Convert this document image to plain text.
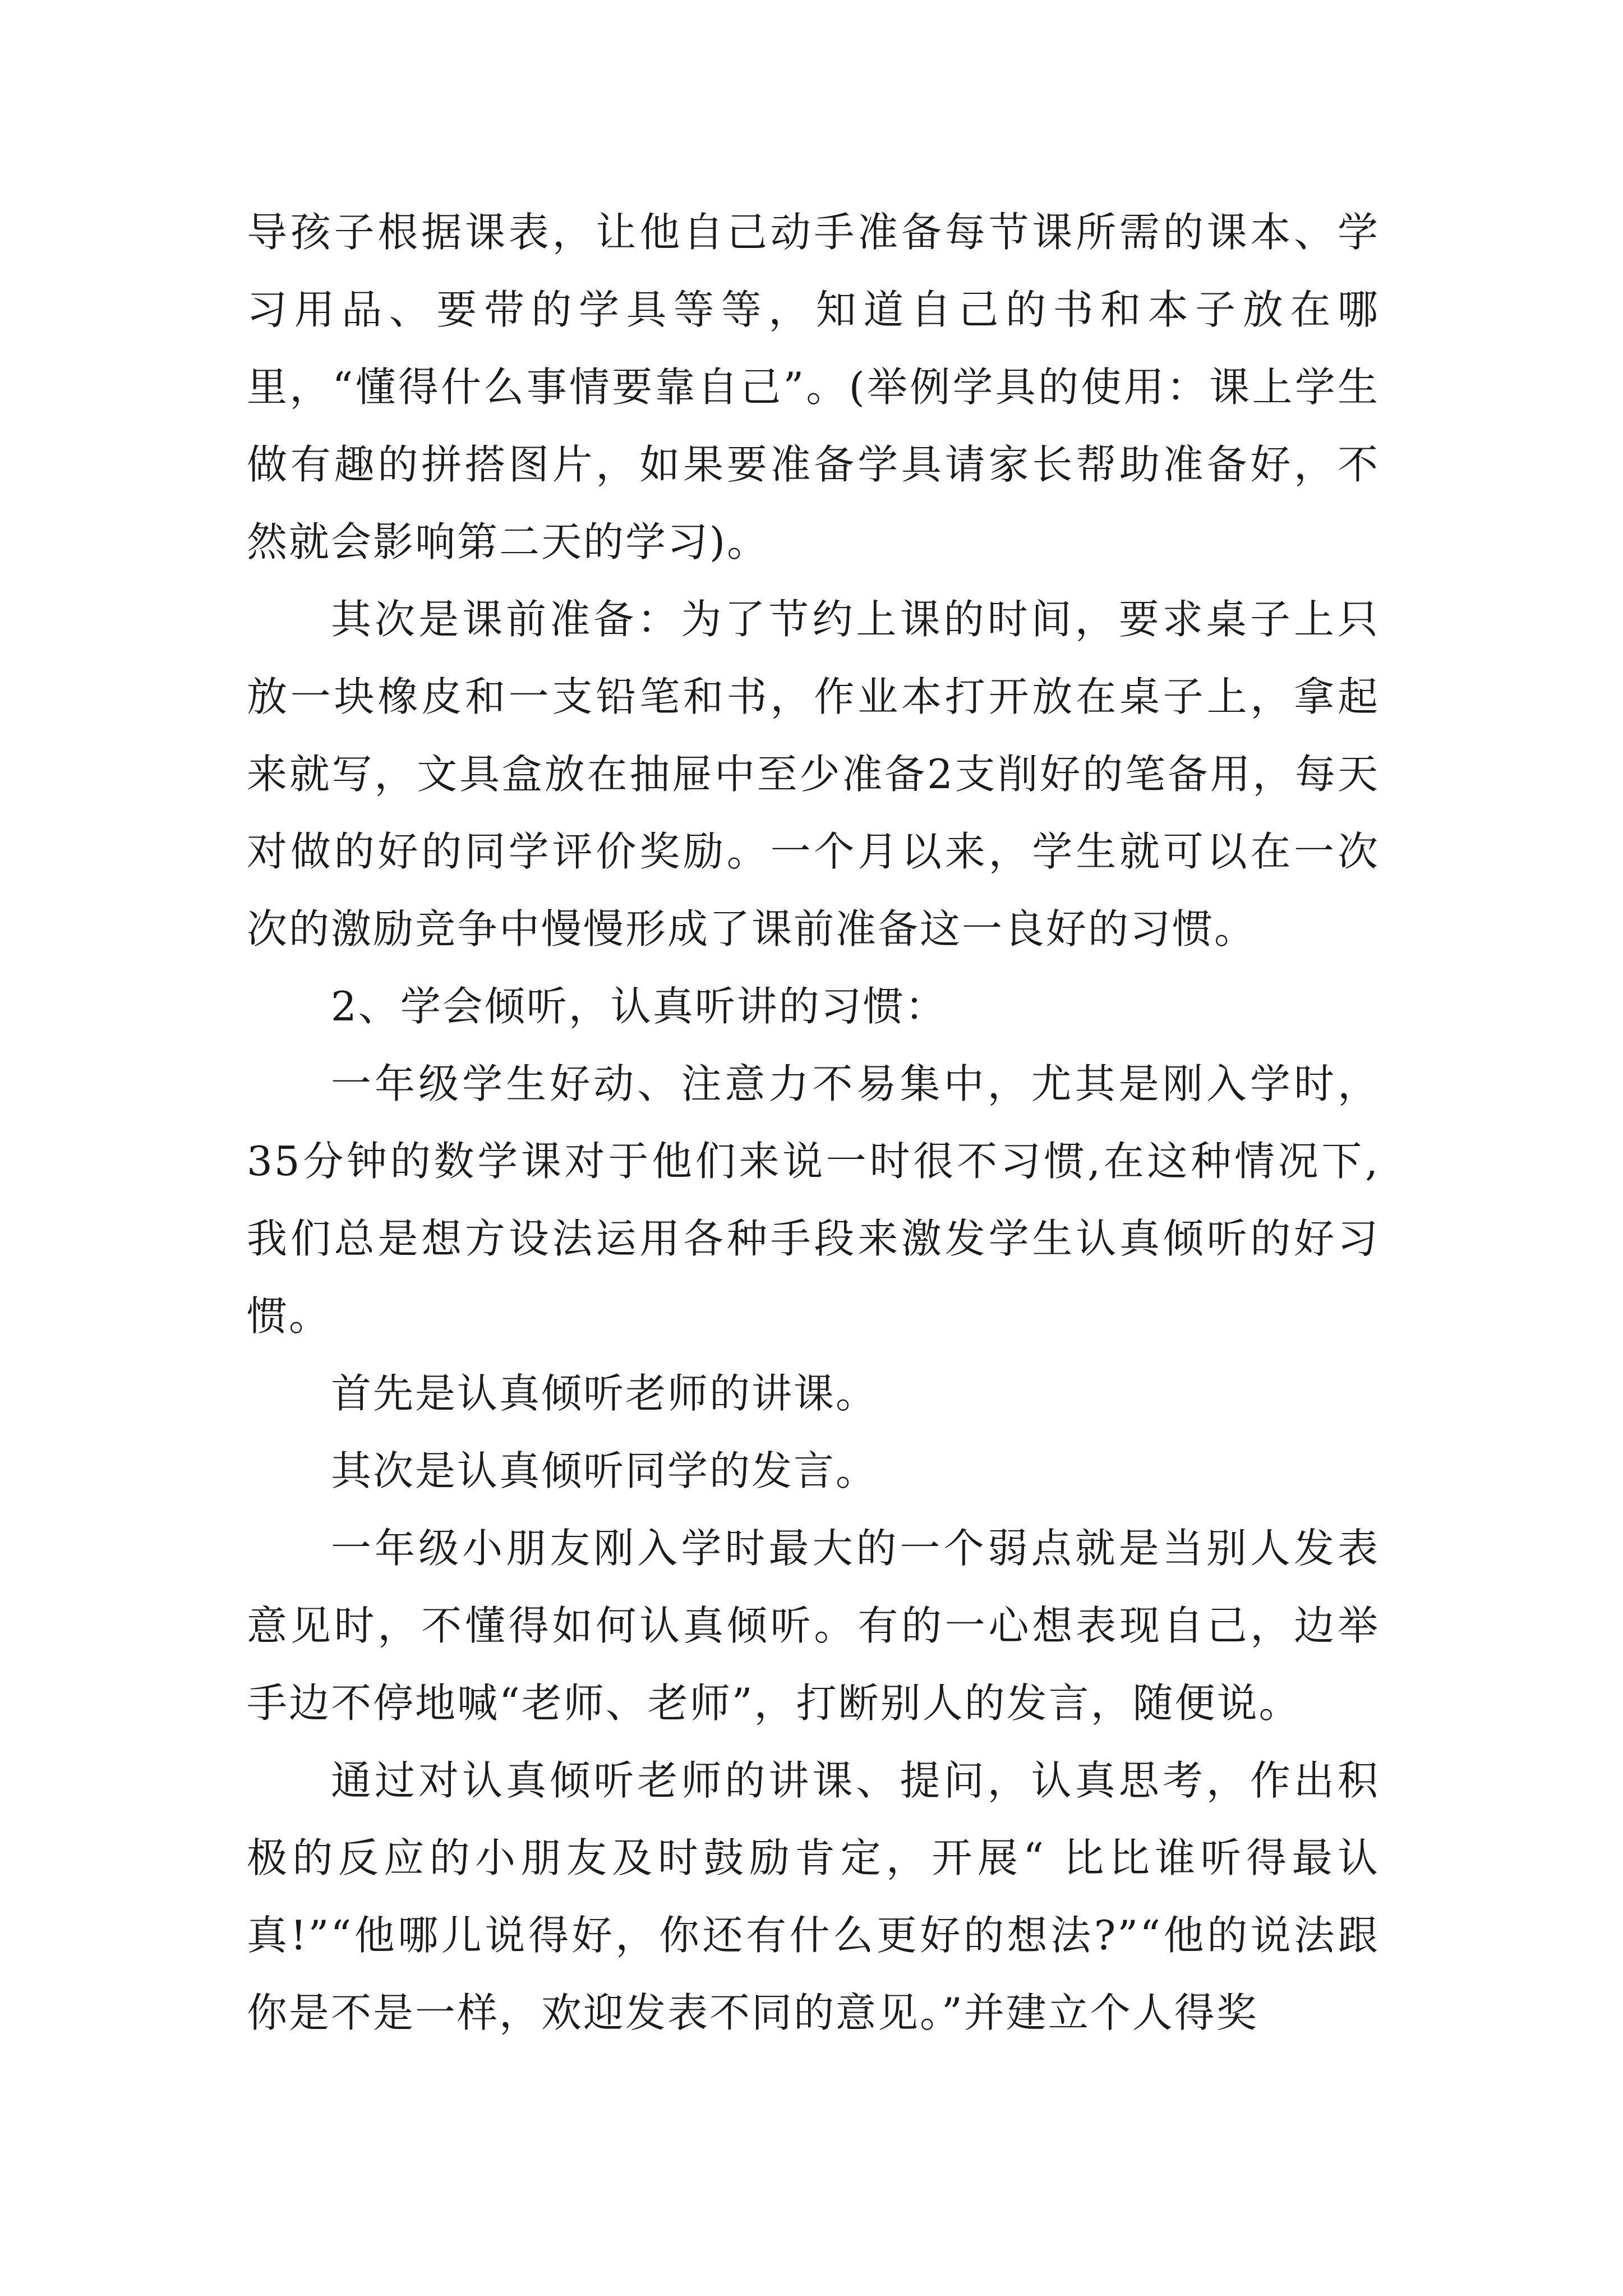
导孩子根据课表，让他自己动手准备每节课所需的课本、学习用品、要带的学具等等，知道自己的书和本子放在哪里，“懂得什么事情要靠自己”。(举例学具的使用：课上学生做有趣的拼搭图片，如果要准备学具请家长帮助准备好，不然就会影响第二天的学习)。

其次是课前准备：为了节约上课的时间，要求桌子上只放一块橡皮和一支铅笔和书，作业本打开放在桌子上，拿起来就写，文具盒放在抽屉中至少准备2支削好的笔备用，每天对做的好的同学评价奖励。一个月以来，学生就可以在一次次的激励竞争中慢慢形成了课前准备这一良好的习惯。

2、学会倾听，认真听讲的习惯：

一年级学生好动、注意力不易集中，尤其是刚入学时，35分钟的数学课对于他们来说一时很不习惯,在这种情况下,我们总是想方设法运用各种手段来激发学生认真倾听的好习惯。

首先是认真倾听老师的讲课。

其次是认真倾听同学的发言。

一年级小朋友刚入学时最大的一个弱点就是当别人发表意见时，不懂得如何认真倾听。有的一心想表现自己，边举手边不停地喊“老师、老师”，打断别人的发言，随便说。

通过对认真倾听老师的讲课、提问，认真思考，作出积极的反应的小朋友及时鼓励肯定，开展“ 比比谁听得最认真!”“他哪儿说得好，你还有什么更好的想法?”“他的说法跟你是不是一样，欢迎发表不同的意见。”并建立个人得奖
